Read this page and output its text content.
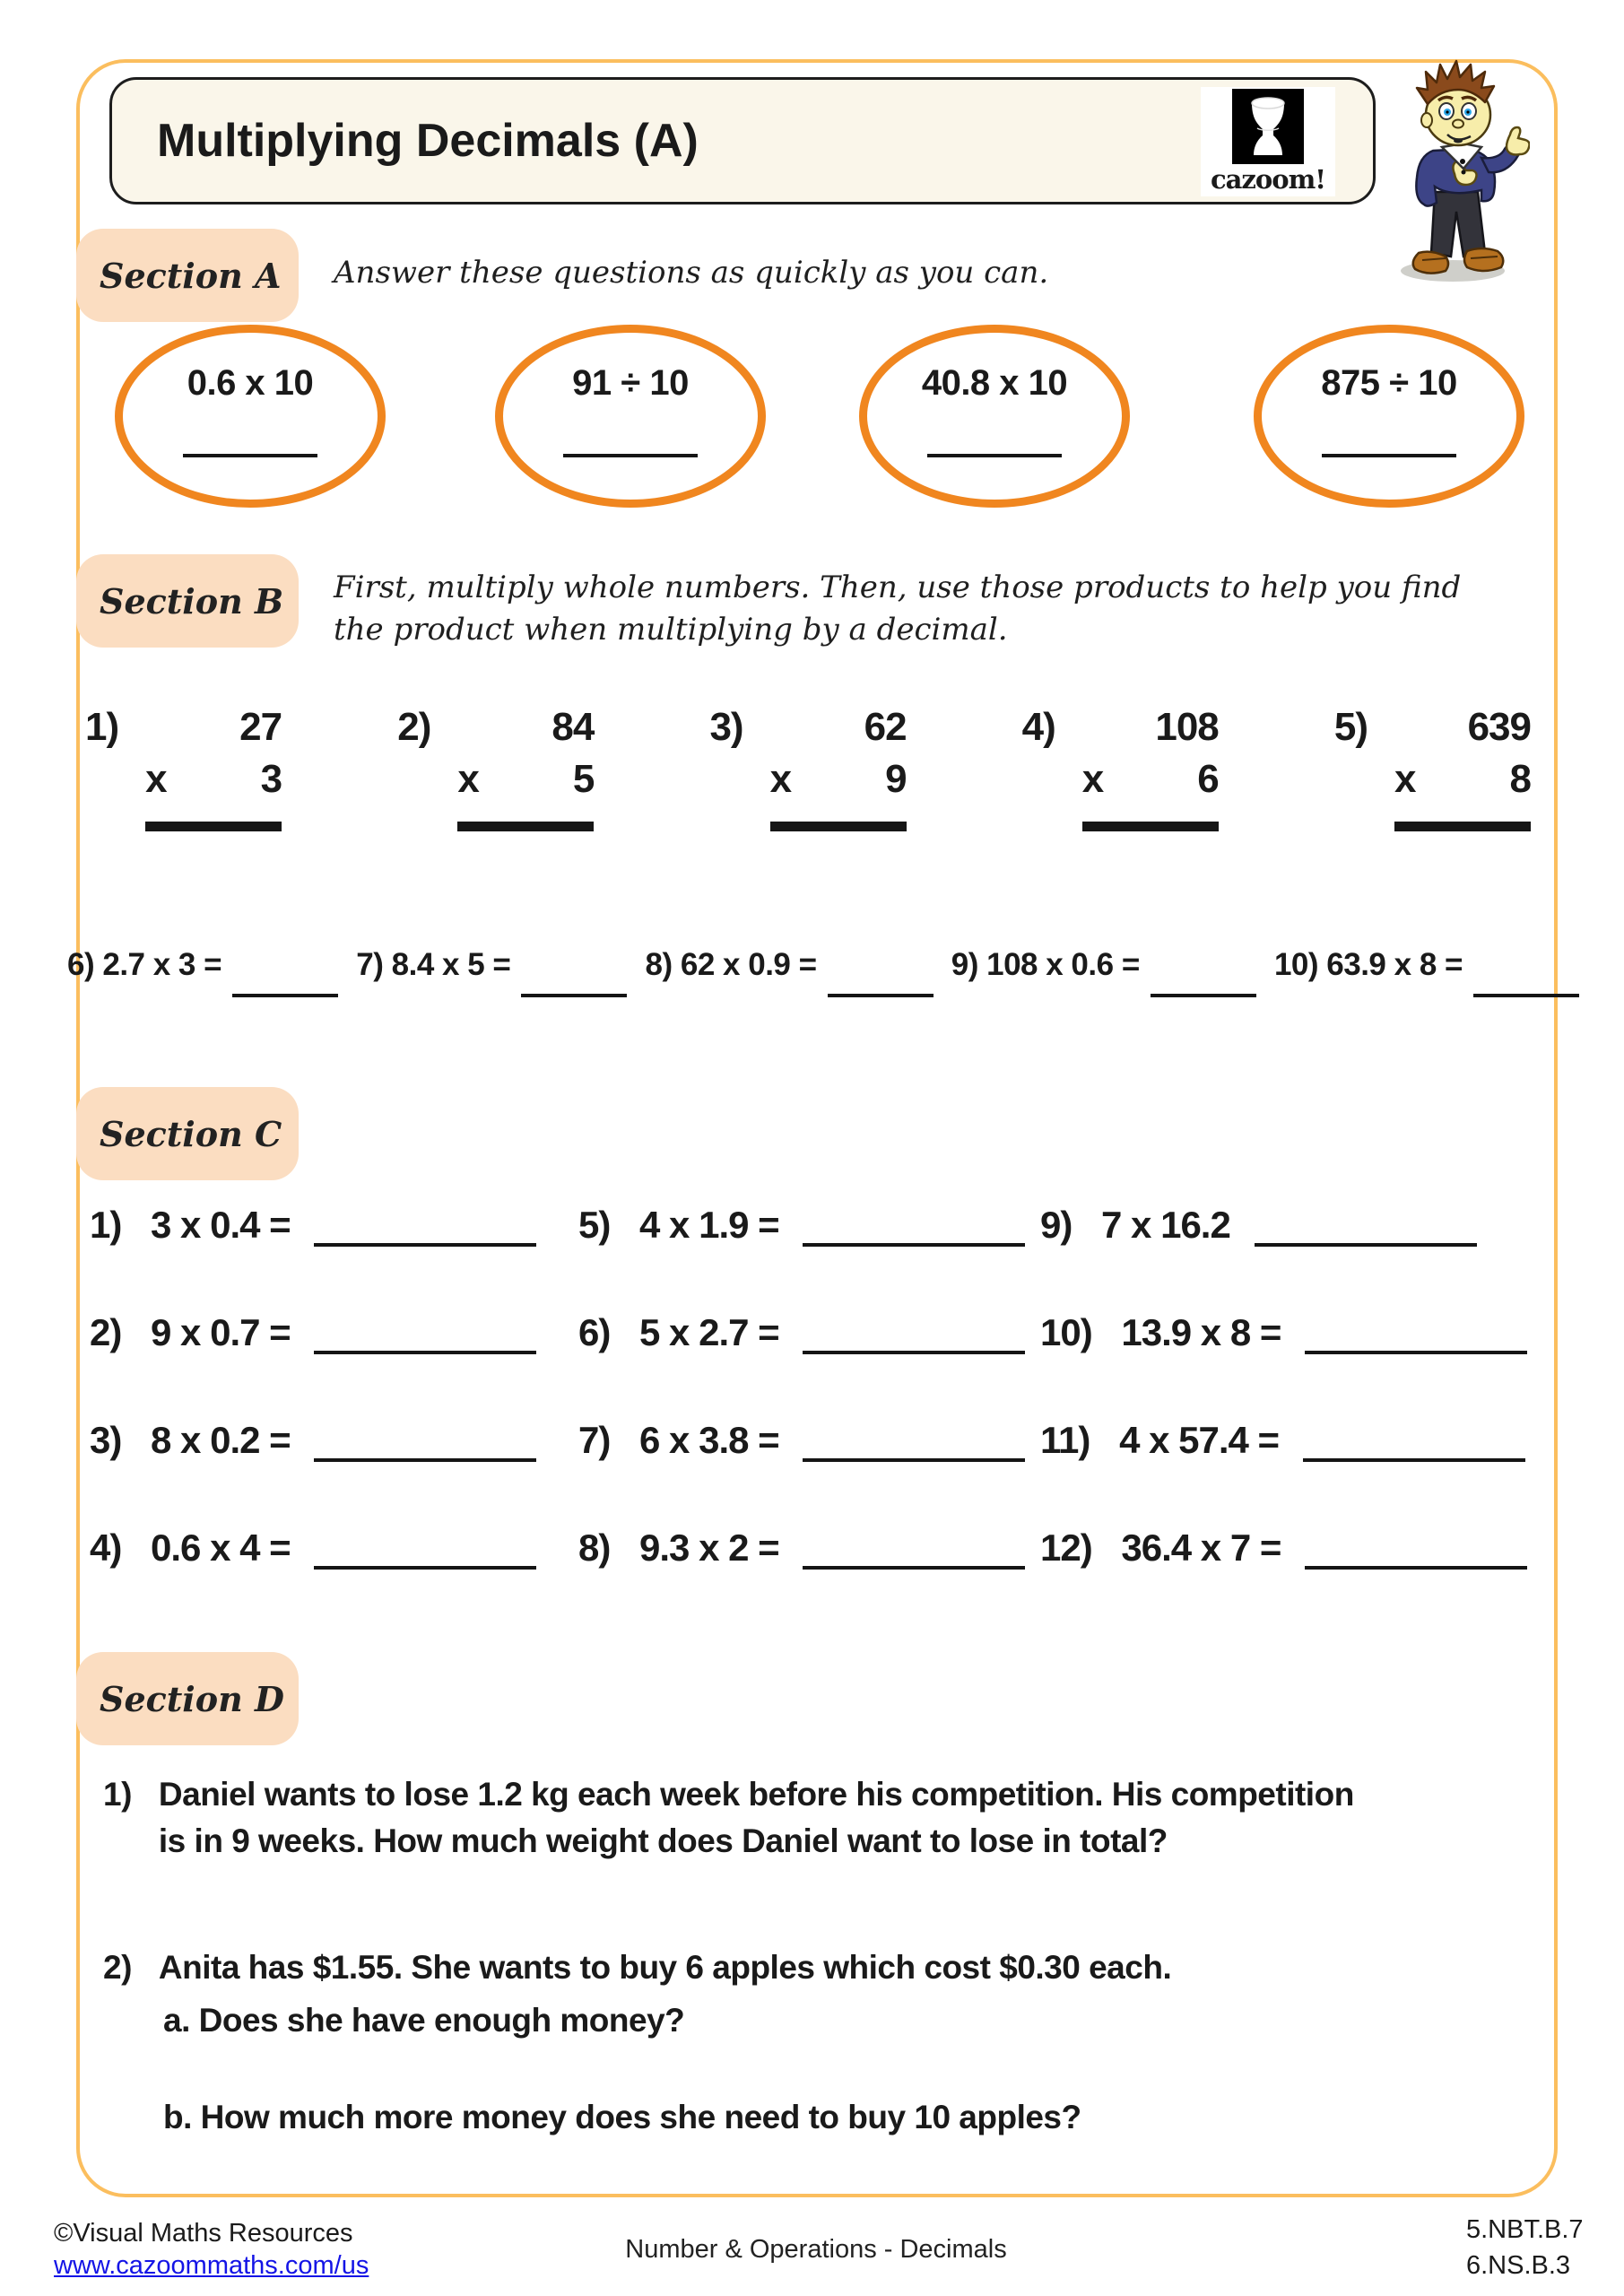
Multiplying Decimals (A)
cazoom!
Section A Answer these questions as quickly as you can.
0.6 x 10	91 ÷ 10	40.8 x 10	875 ÷ 10
Section B First, multiply whole numbers. Then, use those products to help you find
the product when multiplying by a decimal.
1)	27
x 3
2)	84
x 5
3)	62
x 9
4)	108
x 6
5)	639
x 8
6) 2.7 x 3 =	7) 8.4 x 5 =	8) 62 x 0.9 =	9) 108 x 0.6 =	10) 63.9 x 8 =
Section C
1) 3 x 0.4 =	5) 4 x 1.9 =	9) 7 x 16.2
2) 9 x 0.7 =	6) 5 x 2.7 =	10) 13.9 x 8 =
3) 8 x 0.2 =	7) 6 x 3.8 =	11) 4 x 57.4 =
4) 0.6 x 4 =	8) 9.3 x 2 =	12) 36.4 x 7 =
Section D
1) Daniel wants to lose 1.2 kg each week before his competition. His competition
is in 9 weeks. How much weight does Daniel want to lose in total?
2) Anita has $1.55. She wants to buy 6 apples which cost $0.30 each.
a. Does she have enough money?
b. How much more money does she need to buy 10 apples?
©Visual Maths Resources
www.cazoommaths.com/us
Number & Operations - Decimals
5.NBT.B.7
6.NS.B.3
